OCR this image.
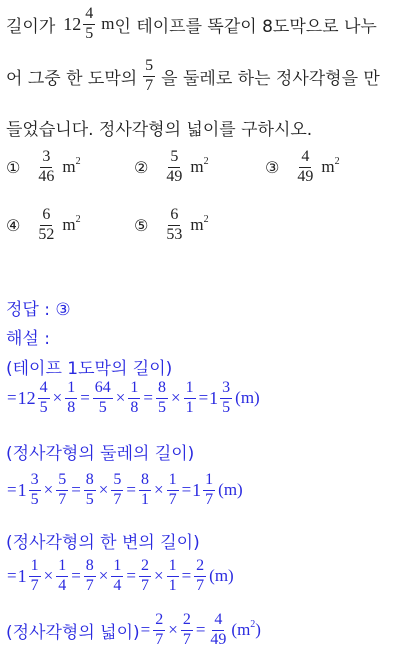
길이가 $12 \frac{4}{5}$ m 인 테이프를 똑같이 8도막으로 나누
어 그중 한 도막의 $\frac{5}{7}$ 을 둘레로 하는 정사각형을 만
들었습니다. 정사각형의 넓이를 구하시오.
① $\frac{3}{46} m^2$	② $\frac{5}{49} m^2$	③ $\frac{4}{49} m^2$
④ $\frac{6}{52} m^2$	⑤ $\frac{6}{53} m^2$
정답 : ③
해설 :
(테이프 1도막의 길이)
= $12 \frac{4}{5} \times \frac{1}{8} = \frac{64}{5} \times \frac{1}{8} = \frac{8}{5} \times \frac{1}{1} = 1 \frac{3}{5} (m)$
(정사각형의 둘레의 길이)
= $1 \frac{3}{5} \times \frac{5}{7} = \frac{8}{5} \times \frac{5}{7} = \frac{8}{1} \times \frac{1}{7} = 1 \frac{1}{7} (m)$
(정사각형의 한 변의 길이)
= $1 \frac{1}{7} \times \frac{1}{4} = \frac{8}{7} \times \frac{1}{4} = \frac{2}{7} \times \frac{1}{1} = \frac{2}{7} (m)$
(정사각형의 넓이) = $\frac{2}{7} \times \frac{2}{7} = \frac{4}{49} (m^2)$
